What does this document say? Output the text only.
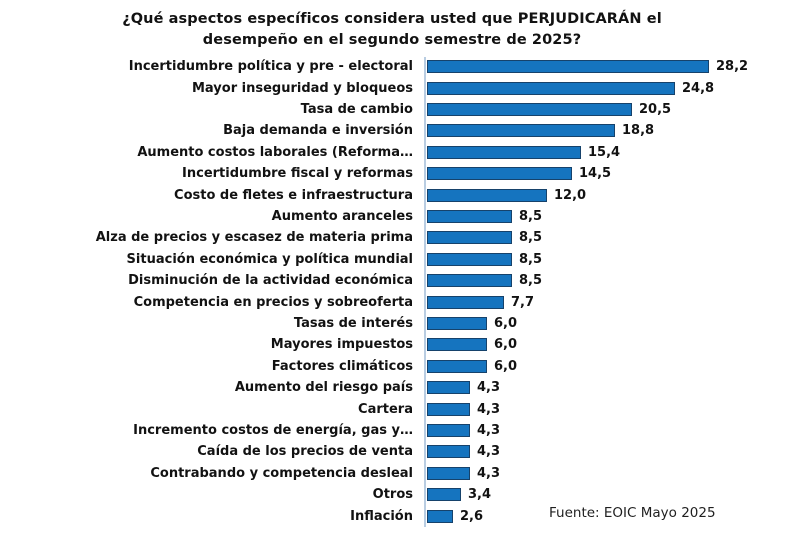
¿Qué aspectos específicos considera usted que PERJUDICARÁN el
desempeño en el segundo semestre de 2025?
Incertidumbre política y pre - electoral	28,2
Mayor inseguridad y bloqueos	24,8
Tasa de cambio	20,5
Baja demanda e inversión	18,8
Aumento costos laborales (Reforma…	15,4
Incertidumbre fiscal y reformas	14,5
Costo de fletes e infraestructura	12,0
Aumento aranceles	8,5
Alza de precios y escasez de materia prima	8,5
Situación económica y política mundial	8,5
Disminución de la actividad económica	8,5
Competencia en precios y sobreoferta	7,7
Tasas de interés	6,0
Mayores impuestos	6,0
Factores climáticos	6,0
Aumento del riesgo país	4,3
Cartera	4,3
Incremento costos de energía, gas y…	4,3
Caída de los precios de venta	4,3
Contrabando y competencia desleal	4,3
Otros	3,4
Inflación	2,6	Fuente: EOIC Mayo 2025
